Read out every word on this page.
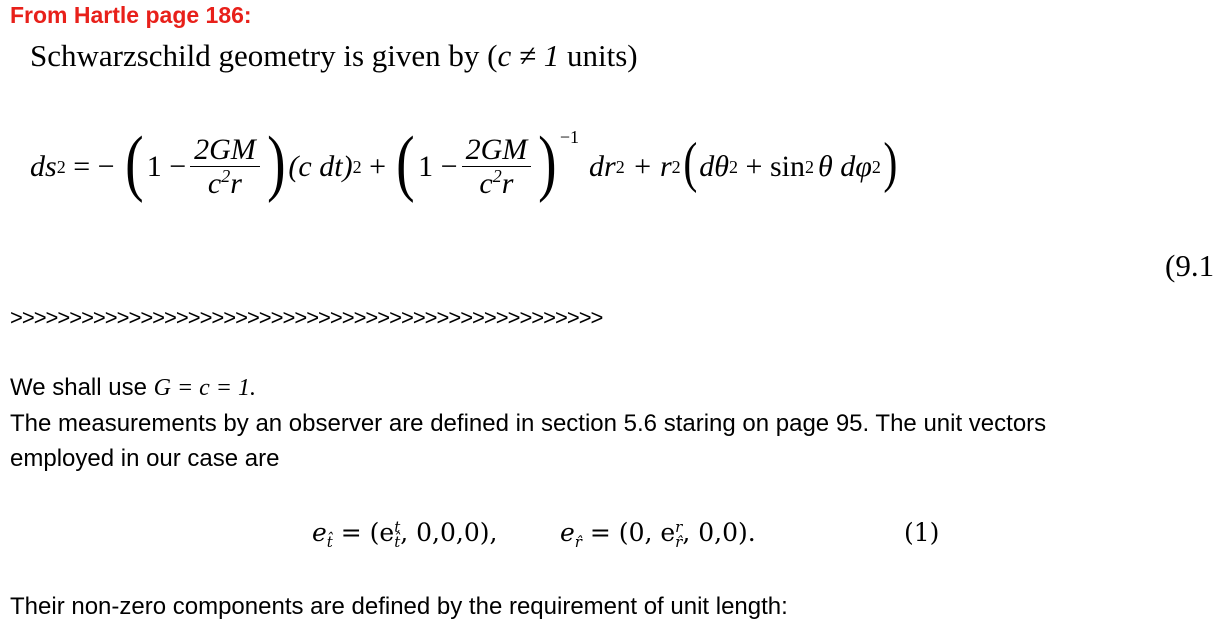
From Hartle page 186:
Schwarzschild geometry is given by (c ≠ 1 units)
ds 2 = − ( $1 - \frac{2GM}{c^2r}$ ) (c dt) 2 + ( $1 - \frac{2GM}{c^2r} )^{-1}$
dr 2 + r 2 ( dθ 2 + sin 2 θ dφ 2 )
(9.1
>>>>>>>>>>>>>>>>>>>>>>>>>>>>>>>>>>>>>>>>>>>>>>>>>>
We shall use G = c = 1.
The measurements by an observer are defined in section 5.6 staring on page 95. The unit vectors
employed in our case are
$e_{t̂} = (e$ t
t̂ , 0,0,0),	$e_{r̂} = (0$, e r
r̂ , 0,0).	(1)
Their non-zero components are defined by the requirement of unit length:
